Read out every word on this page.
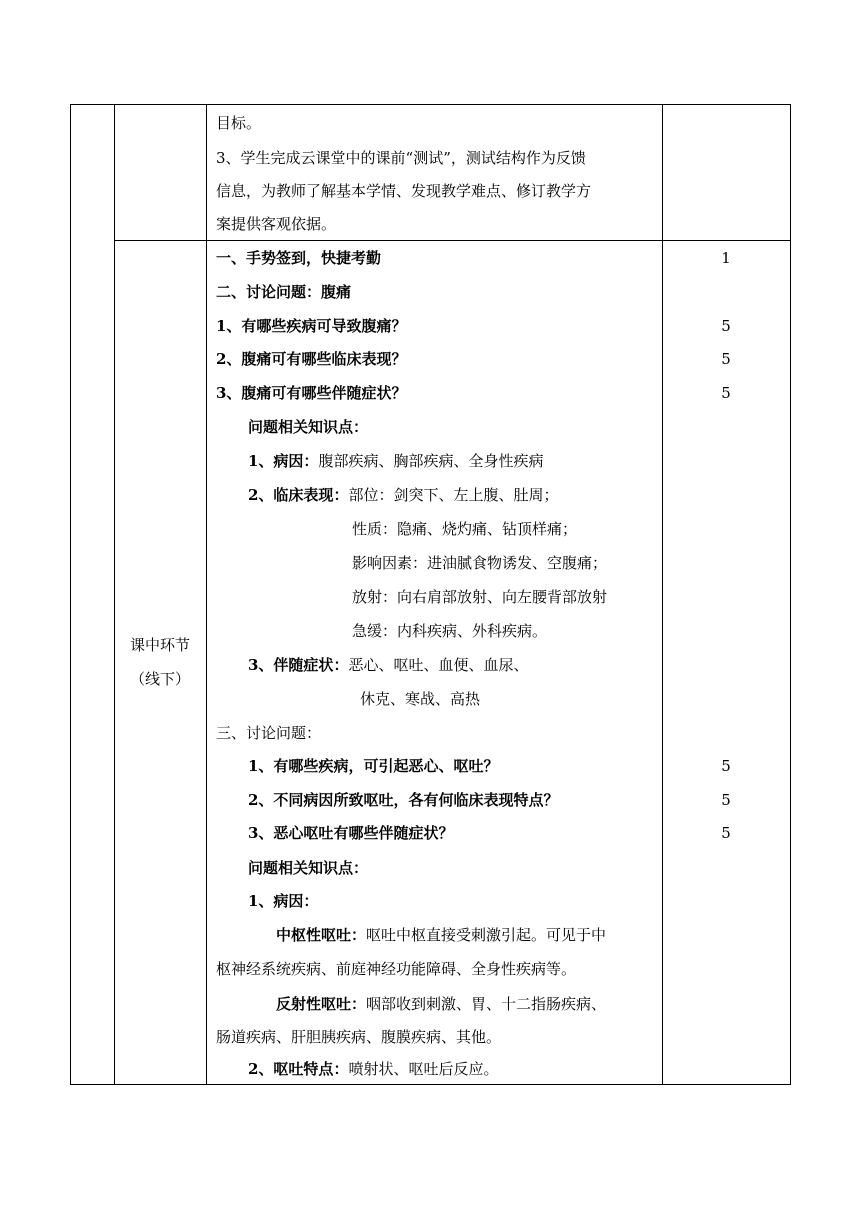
目标。
3、学生完成云课堂中的课前“测试”，测试结构作为反馈
信息，为教师了解基本学情、发现教学难点、修订教学方
案提供客观依据。
课中环节
（线下）
一、手势签到，快捷考勤
二、讨论问题：腹痛
1、有哪些疾病可导致腹痛？
2、腹痛可有哪些临床表现？
3、腹痛可有哪些伴随症状？
问题相关知识点：
1、病因：腹部疾病、胸部疾病、全身性疾病
2、临床表现：部位：剑突下、左上腹、肚周；
性质：隐痛、烧灼痛、钻顶样痛；
影响因素：进油腻食物诱发、空腹痛；
放射：向右肩部放射、向左腰背部放射
急缓：内科疾病、外科疾病。
3、伴随症状：恶心、呕吐、血便、血尿、
休克、寒战、高热
三、讨论问题：
1、有哪些疾病，可引起恶心、呕吐？
2、不同病因所致呕吐，各有何临床表现特点？
3、恶心呕吐有哪些伴随症状？
问题相关知识点：
1、病因：
中枢性呕吐：呕吐中枢直接受刺激引起。可见于中
枢神经系统疾病、前庭神经功能障碍、全身性疾病等。
反射性呕吐：咽部收到刺激、胃、十二指肠疾病、
肠道疾病、肝胆胰疾病、腹膜疾病、其他。
2、呕吐特点：喷射状、呕吐后反应。
1
5
5
5
5
5
5
